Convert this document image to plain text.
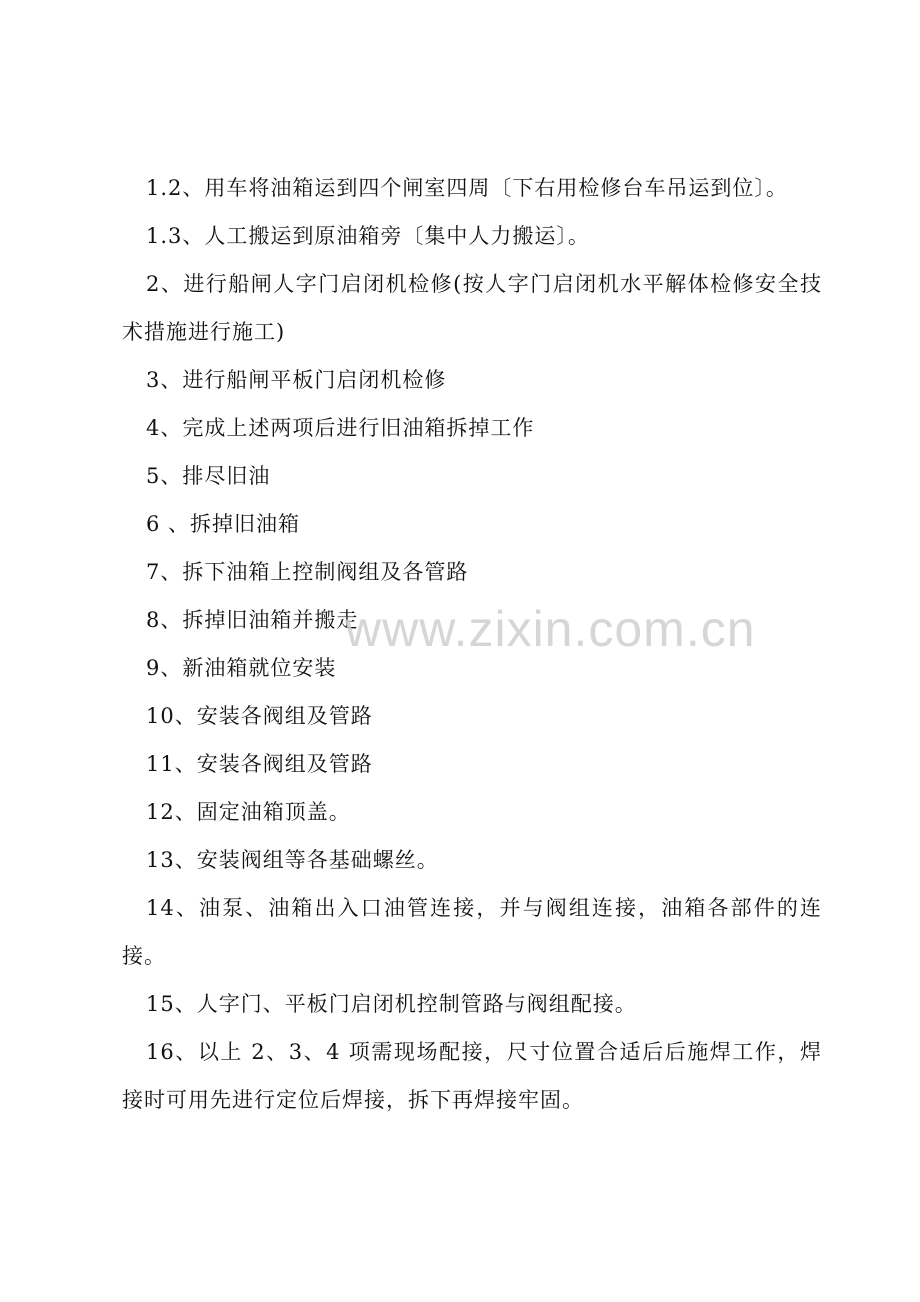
1.2、用车将油箱运到四个闸室四周〔下右用检修台车吊运到位〕。

1.3、人工搬运到原油箱旁〔集中人力搬运〕。

2、进行船闸人字门启闭机检修(按人字门启闭机水平解体检修安全技术措施进行施工)

3、进行船闸平板门启闭机检修

4、完成上述两项后进行旧油箱拆掉工作

5、排尽旧油

6 、拆掉旧油箱

7、拆下油箱上控制阀组及各管路

8、拆掉旧油箱并搬走

9、新油箱就位安装

10、安装各阀组及管路

11、安装各阀组及管路

12、固定油箱顶盖。

13、安装阀组等各基础螺丝。

14、油泵、油箱出入口油管连接，并与阀组连接，油箱各部件的连接。

15、人字门、平板门启闭机控制管路与阀组配接。

16、以上 2、3、4 项需现场配接，尺寸位置合适后后施焊工作，焊接时可用先进行定位后焊接，拆下再焊接牢固。

www.zixin.com.cn
